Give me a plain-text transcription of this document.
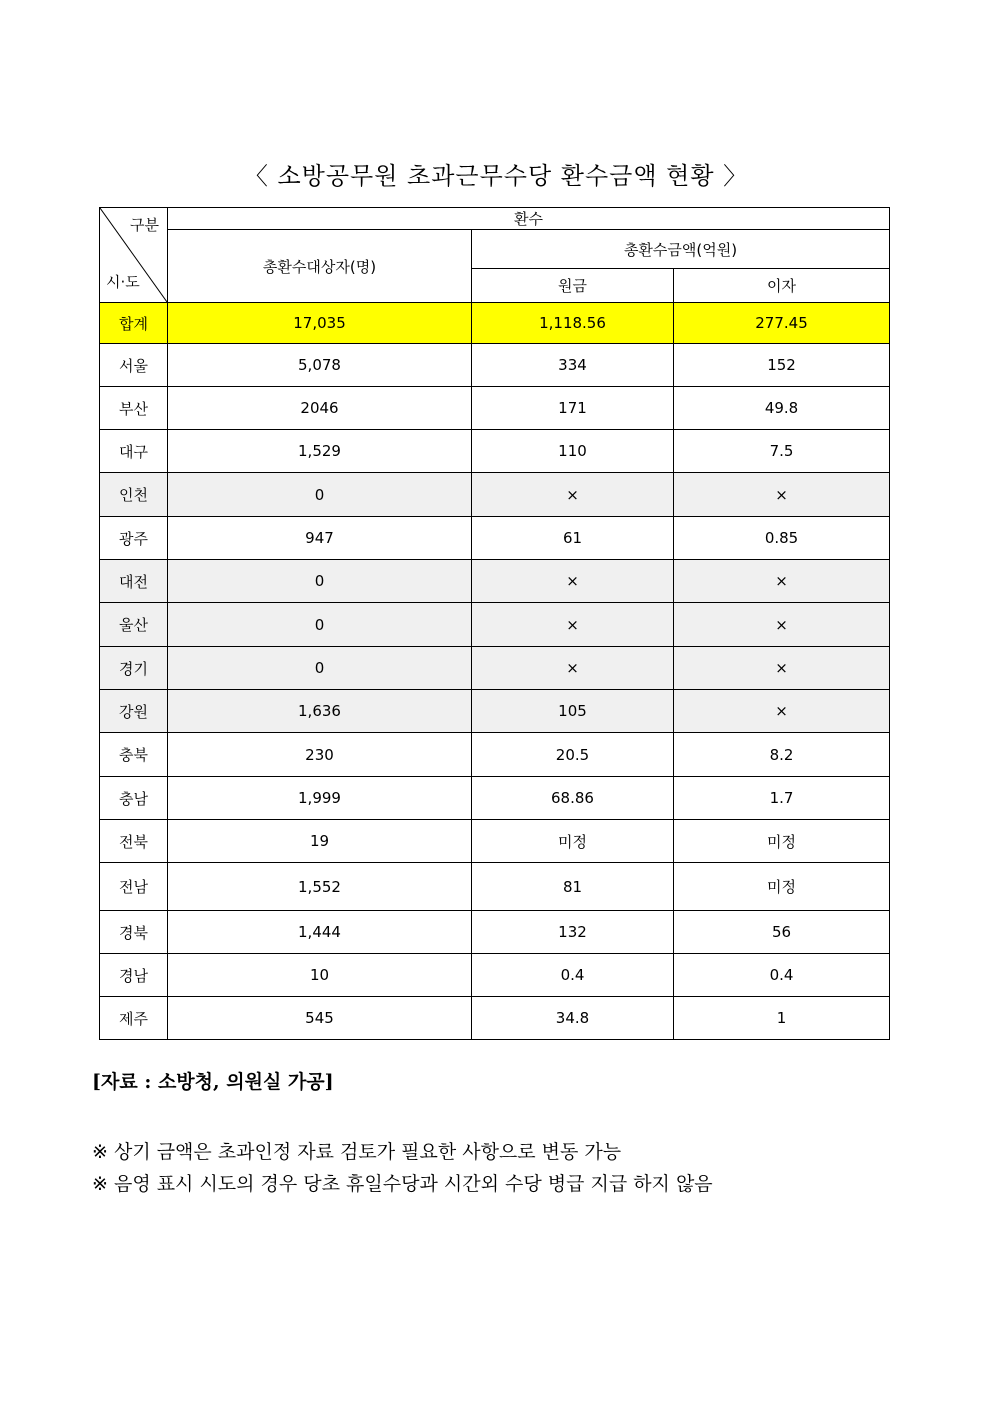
〈 소방공무원 초과근무수당 환수금액 현황 〉
구분
시·도	환수		
	총환수대상자(명)	총환수금액(억원)	
		원금	이자
합계	17,035	1,118.56	277.45
서울	5,078	334	152
부산	2046	171	49.8
대구	1,529	110	7.5
인천	0	×	×
광주	947	61	0.85
대전	0	×	×
울산	0	×	×
경기	0	×	×
강원	1,636	105	×
충북	230	20.5	8.2
충남	1,999	68.86	1.7
전북	19	미정	미정
전남	1,552	81	미정
경북	1,444	132	56
경남	10	0.4	0.4
제주	545	34.8	1
[자료 : 소방청, 의원실 가공]
※ 상기 금액은 초과인정 자료 검토가 필요한 사항으로 변동 가능
※ 음영 표시 시도의 경우 당초 휴일수당과 시간외 수당 병급 지급 하지 않음
